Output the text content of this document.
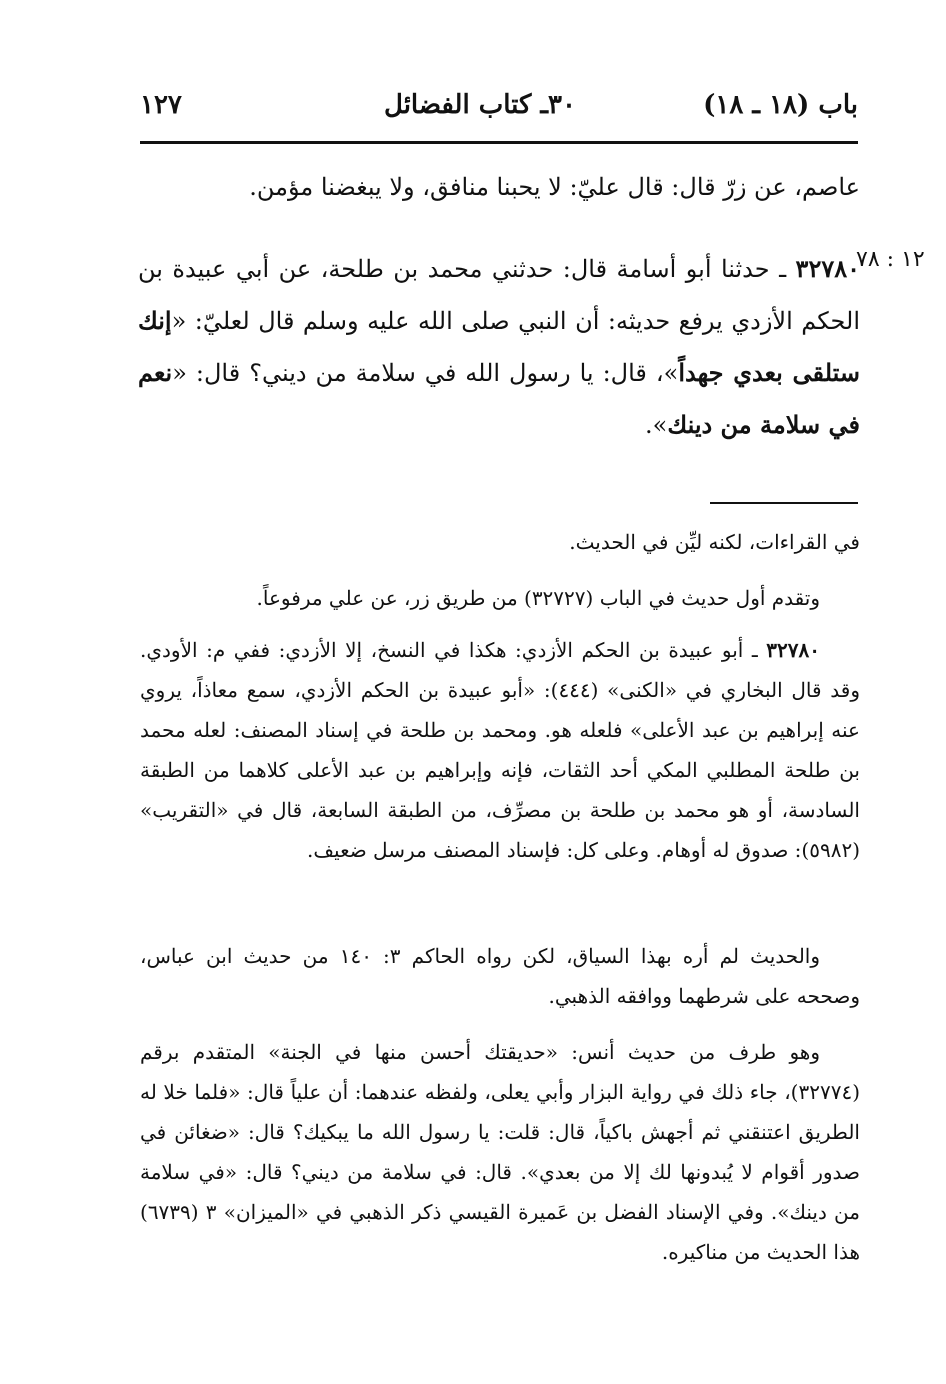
١٢٧	٣٠ـ كتاب الفضائل	باب (١٨ ـ ١٨)

عاصم، عن زرّ قال: قال عليّ: لا يحبنا منافق، ولا يبغضنا مؤمن.

١٢ : ٧٨

٣٢٧٨٠ ـ حدثنا أبو أسامة قال: حدثني محمد بن طلحة، عن أبي عبيدة بن الحكم الأزدي يرفع حديثه: أن النبي صلى الله عليه وسلم قال لعليّ: «إنك ستلقى بعدي جهداً»، قال: يا رسول الله في سلامة من ديني؟ قال: «نعم في سلامة من دينك».

في القراءات، لكنه ليِّن في الحديث.

وتقدم أول حديث في الباب (٣٢٧٢٧) من طريق زر، عن علي مرفوعاً.

٣٢٧٨٠ ـ أبو عبيدة بن الحكم الأزدي: هكذا في النسخ، إلا الأزدي: ففي م: الأودي. وقد قال البخاري في «الكنى» (٤٤٤): «أبو عبيدة بن الحكم الأزدي، سمع معاذاً، يروي عنه إبراهيم بن عبد الأعلى» فلعله هو. ومحمد بن طلحة في إسناد المصنف: لعله محمد بن طلحة المطلبي المكي أحد الثقات، فإنه وإبراهيم بن عبد الأعلى كلاهما من الطبقة السادسة، أو هو محمد بن طلحة بن مصرِّف، من الطبقة السابعة، قال في «التقريب» (٥٩٨٢): صدوق له أوهام. وعلى كل: فإسناد المصنف مرسل ضعيف.

والحديث لم أره بهذا السياق، لكن رواه الحاكم ٣: ١٤٠ من حديث ابن عباس، وصححه على شرطهما ووافقه الذهبي.

وهو طرف من حديث أنس: «حديقتك أحسن منها في الجنة» المتقدم برقم (٣٢٧٧٤)، جاء ذلك في رواية البزار وأبي يعلى، ولفظه عندهما: أن علياً قال: «فلما خلا له الطريق اعتنقني ثم أجهش باكياً، قال: قلت: يا رسول الله ما يبكيك؟ قال: «ضغائن في صدور أقوام لا يُبدونها لك إلا من بعدي». قال: في سلامة من ديني؟ قال: «في سلامة من دينك». وفي الإسناد الفضل بن عَميرة القيسي ذكر الذهبي في «الميزان» ٣ (٦٧٣٩) هذا الحديث من مناكيره.
